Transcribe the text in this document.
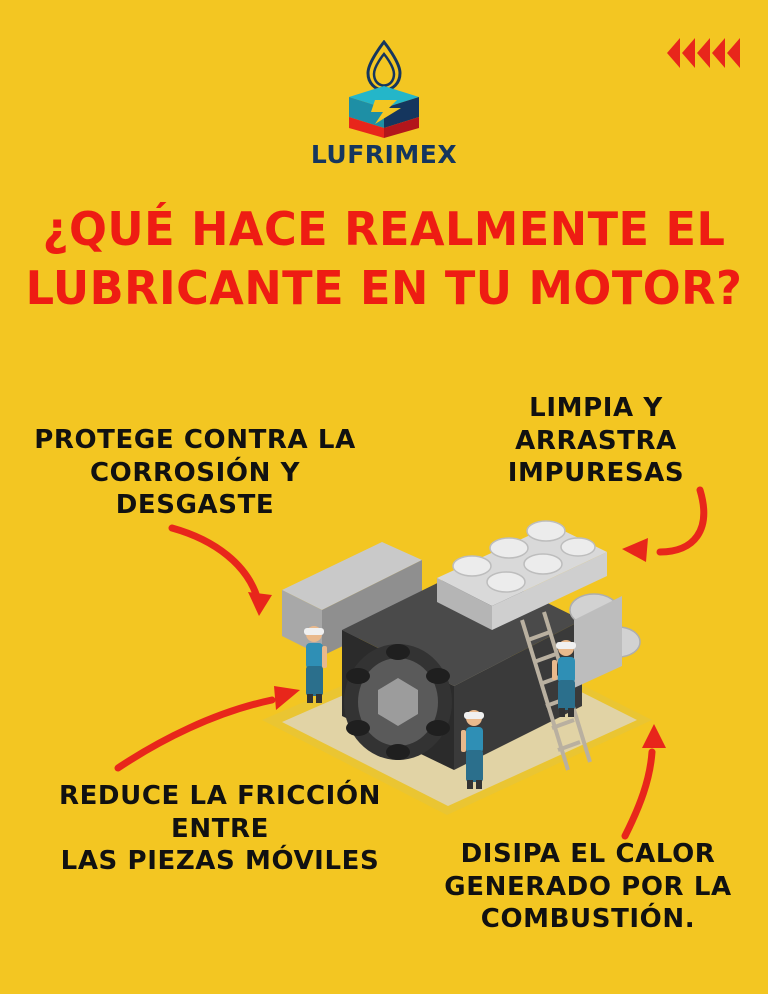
LUFRIMEX
¿QUÉ HACE REALMENTE EL
LUBRICANTE EN TU MOTOR?
LIMPIA Y ARRASTRA
IMPURESAS
PROTEGE CONTRA LA
CORROSIÓN Y DESGASTE
REDUCE LA FRICCIÓN ENTRE
LAS PIEZAS MÓVILES	DISIPA EL CALOR
GENERADO POR LA
COMBUSTIÓN.
